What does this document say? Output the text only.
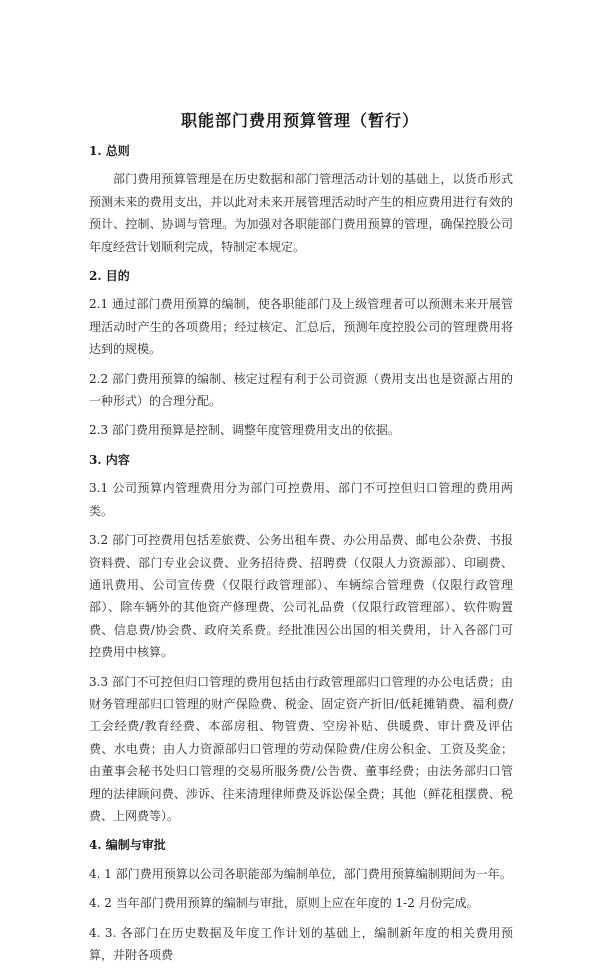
职能部门费用预算管理（暂行）
1. 总则

部门费用预算管理是在历史数据和部门管理活动计划的基础上，以货币形式预测未来的费用支出，并以此对未来开展管理活动时产生的相应费用进行有效的预计、控制、协调与管理。为加强对各职能部门费用预算的管理，确保控股公司年度经营计划顺利完成，特制定本规定。

2. 目的

2.1 通过部门费用预算的编制，使各职能部门及上级管理者可以预测未来开展管理活动时产生的各项费用；经过核定、汇总后，预测年度控股公司的管理费用将达到的规模。

2.2 部门费用预算的编制、核定过程有利于公司资源（费用支出也是资源占用的一种形式）的合理分配。

2.3 部门费用预算是控制、调整年度管理费用支出的依据。

3. 内容

3.1 公司预算内管理费用分为部门可控费用、部门不可控但归口管理的费用两类。

3.2 部门可控费用包括差旅费、公务出租车费、办公用品费、邮电公杂费、书报资料费、部门专业会议费、业务招待费、招聘费（仅限人力资源部）、印刷费、通讯费用、公司宣传费（仅限行政管理部）、车辆综合管理费（仅限行政管理部）、除车辆外的其他资产修理费、公司礼品费（仅限行政管理部）、软件购置费、信息费/协会费、政府关系费。经批准因公出国的相关费用，计入各部门可控费用中核算。

3.3 部门不可控但归口管理的费用包括由行政管理部归口管理的办公电话费；由财务管理部归口管理的财产保险费、税金、固定资产折旧/低耗摊销费、福利费/工会经费/教育经费、本部房租、物管费、空房补贴、供暖费、审计费及评估费、水电费；由人力资源部归口管理的劳动保险费/住房公积金、工资及奖金；由董事会秘书处归口管理的交易所服务费/公告费、董事经费；由法务部归口管理的法律顾问费、涉诉、往来清理律师费及诉讼保全费；其他（鲜花租摆费、税费、上网费等）。

4. 编制与审批

4. 1 部门费用预算以公司各职能部为编制单位，部门费用预算编制期间为一年。

4. 2 当年部门费用预算的编制与审批，原则上应在年度的 1-2 月份完成。

4. 3. 各部门在历史数据及年度工作计划的基础上，编制新年度的相关费用预算，并附各项费
